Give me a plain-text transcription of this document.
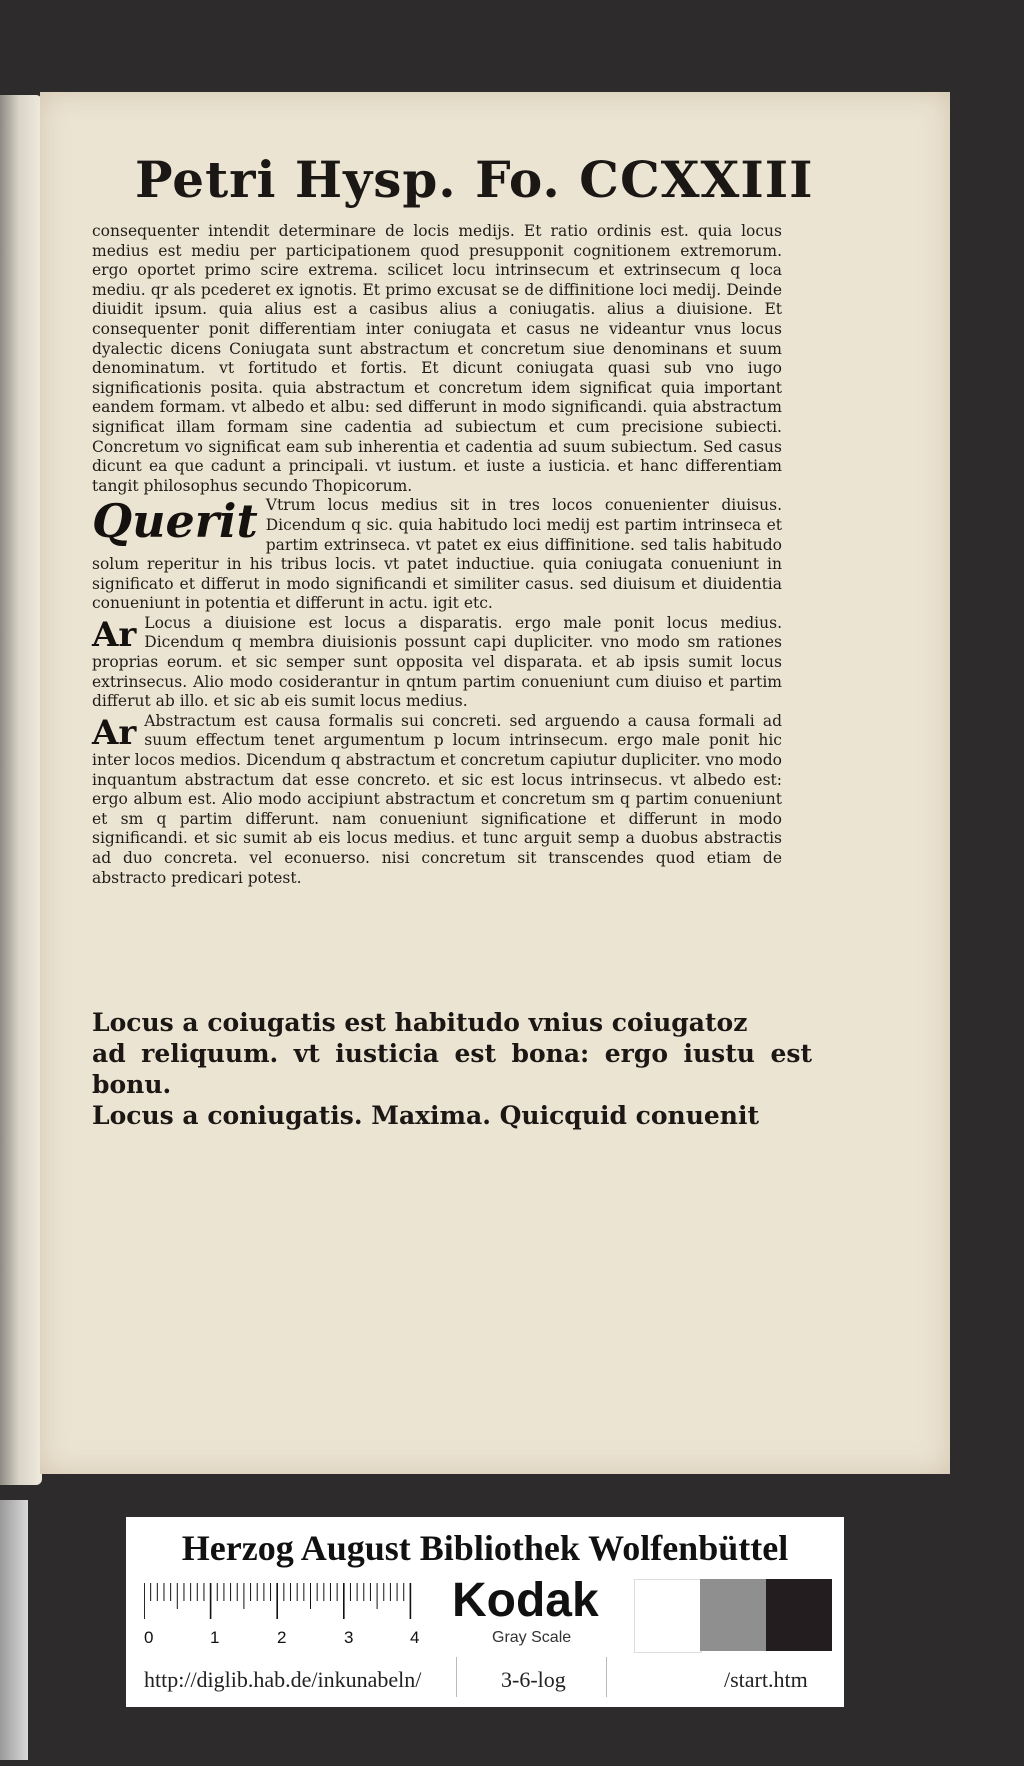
Petri Hysp. Fo. CCXXIII

consequenter intendit determinare de locis medijs. Et ratio ordinis est. quia locus medius est mediu per participationem quod presupponit cognitionem extremorum. ergo oportet primo scire extrema. scilicet locu intrinsecum et extrinsecum q loca mediu. qr als pcederet ex ignotis. Et primo excusat se de diffinitione loci medij. Deinde diuidit ipsum. quia alius est a casibus alius a coniugatis. alius a diuisione. Et consequenter ponit differentiam inter coniugata et casus ne videantur vnus locus dyalectic dicens Coniugata sunt abstractum et concretum siue denominans et suum denominatum. vt fortitudo et fortis. Et dicunt coniugata quasi sub vno iugo significationis posita. quia abstractum et concretum idem significat quia important eandem formam. vt albedo et albu: sed differunt in modo significandi. quia abstractum significat illam formam sine cadentia ad subiectum et cum precisione subiecti. Concretum vo significat eam sub inherentia et cadentia ad suum subiectum. Sed casus dicunt ea que cadunt a principali. vt iustum. et iuste a iusticia. et hanc differentiam tangit philosophus secundo Thopicorum.

Querit Vtrum locus medius sit in tres locos conuenienter diuisus. Dicendum q sic. quia habitudo loci medij est partim intrinseca et partim extrinseca. vt patet ex eius diffinitione. sed talis habitudo solum reperitur in his tribus locis. vt patet inductiue. quia coniugata conueniunt in significato et differut in modo significandi et similiter casus. sed diuisum et diuidentia conueniunt in potentia et differunt in actu. igit etc.

Ar Locus a diuisione est locus a disparatis. ergo male ponit locus medius. Dicendum q membra diuisionis possunt capi dupliciter. vno modo sm rationes proprias eorum. et sic semper sunt opposita vel disparata. et ab ipsis sumit locus extrinsecus. Alio modo cosiderantur in qntum partim conueniunt cum diuiso et partim differut ab illo. et sic ab eis sumit locus medius.

Ar Abstractum est causa formalis sui concreti. sed arguendo a causa formali ad suum effectum tenet argumentum p locum intrinsecum. ergo male ponit hic inter locos medios. Dicendum q abstractum et concretum capiutur dupliciter. vno modo inquantum abstractum dat esse concreto. et sic est locus intrinsecus. vt albedo est: ergo album est. Alio modo accipiunt abstractum et concretum sm q partim conueniunt et sm q partim differunt. nam conueniunt significatione et differunt in modo significandi. et sic sumit ab eis locus medius. et tunc arguit semp a duobus abstractis ad duo concreta. vel econuerso. nisi concretum sit transcendes quod etiam de abstracto predicari potest.

Locus a coiugatis est habitudo vnius coiugatoz

ad reliquum. vt iusticia est bona: ergo iustu est bonu.

Locus a coniugatis. Maxima. Quicquid conuenit

Herzog August Bibliothek Wolfenbüttel
0	1	2	3	4
Kodak
Gray Scale
http://diglib.hab.de/inkunabeln/	3-6-log	/start.htm
